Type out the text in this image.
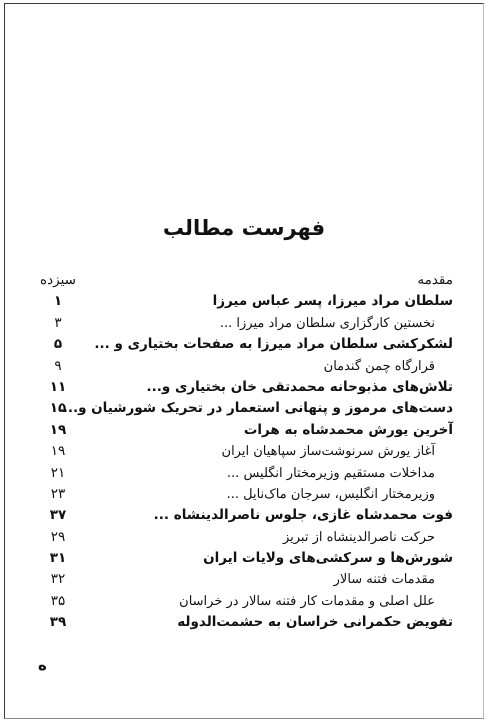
فهرست مطالب
مقدمه
سیزده
سلطان مراد میرزا، پسر عباس میرزا
۱
نخستین کارگزاری سلطان مراد میرزا ...
۳
لشکرکشی سلطان مراد میرزا به صفحات بختیاری و ...
۵
قرارگاه چمن گندمان
۹
تلاش‌های مذبوحانه محمدتقی خان بختیاری و...
۱۱
دست‌های مرموز و پنهانی استعمار در تحریک شورشیان و...
۱۵
آخرین یورش محمدشاه به هرات
۱۹
آغاز یورش سرنوشت‌ساز سپاهیان ایران
۱۹
مداخلات مستقیم وزیرمختار انگلیس ...
۲۱
وزیرمختار انگلیس، سرجان ماک‌نایل ...
۲۳
فوت محمدشاه غازی، جلوس ناصرالدینشاه ...
۳۷
حرکت ناصرالدینشاه از تبریز
۲۹
شورش‌ها و سرکشی‌های ولایات ایران
۳۱
مقدمات فتنه سالار
۳۲
علل اصلی و مقدمات کار فتنه سالار در خراسان
۳۵
تفویض حکمرانی خراسان به حشمت‌الدوله
۳۹
ه
